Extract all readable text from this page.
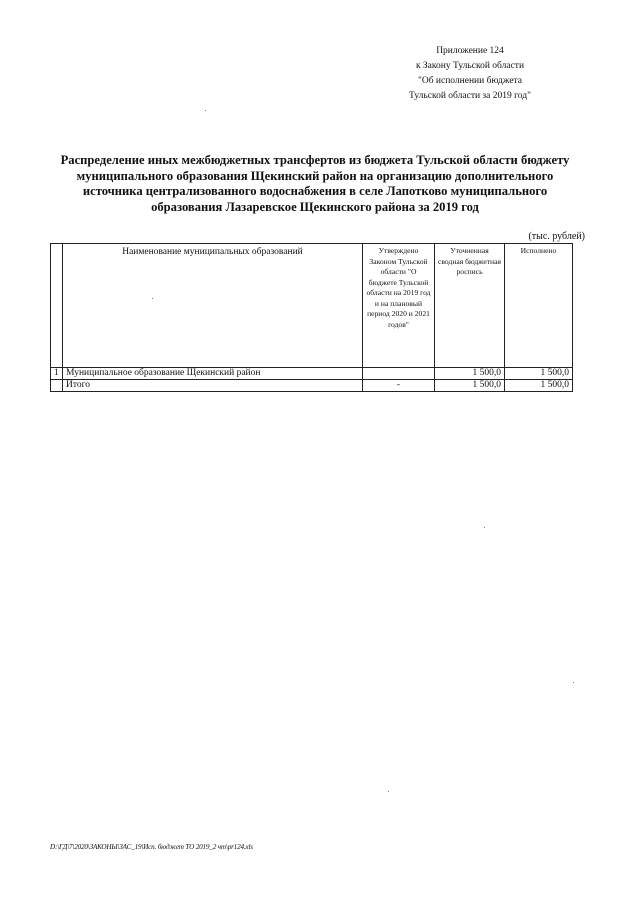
Приложение 124
к Закону Тульской области
"Об исполнении бюджета
Тульской области за 2019 год"
Распределение иных межбюджетных трансфертов из бюджета Тульской области бюджету муниципального образования Щекинский район на организацию дополнительного источника централизованного водоснабжения в селе Лапотково муниципального образования Лазаревское Щекинского района за 2019 год
(тыс. рублей)
	Наименование муниципальных образований	Утверждено Законом Тульской области "О бюджете Тульской области на 2019 год и на плановый период 2020 и 2021 годов"	Уточненная сводная бюджетная роспись	Исполнено
1	Муниципальное образование Щекинский район		1 500,0	1 500,0
	Итого	-	1 500,0	1 500,0
D:\ГД\7\2020\ЗАКОНЫ\ЗАС_19\Исп. бюджет ТО 2019_2 чт\pr124.xls
